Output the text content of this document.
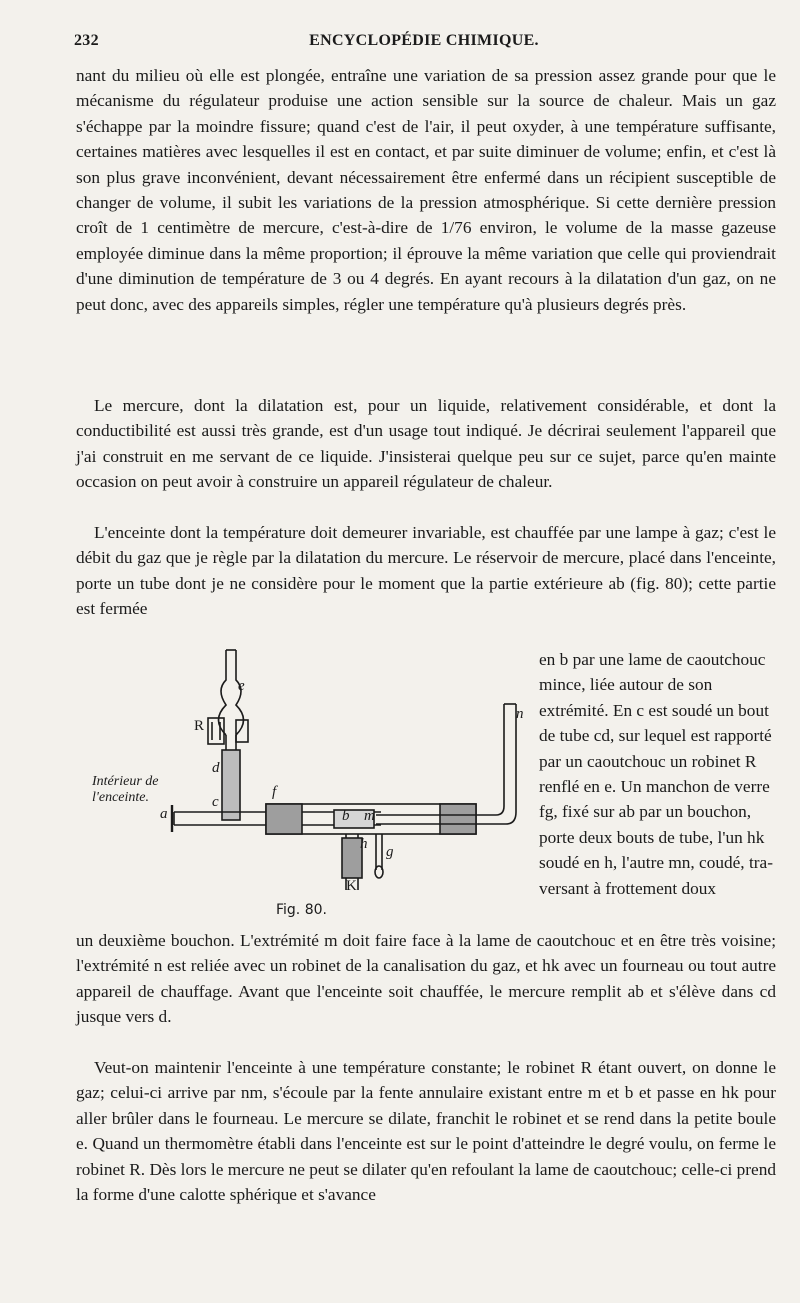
232	ENCYCLOPÉDIE CHIMIQUE.
nant du milieu où elle est plongée, entraîne une variation de sa pression assez grande pour que le mécanisme du régulateur produise une action sensible sur la source de chaleur. Mais un gaz s'échappe par la moindre fissure; quand c'est de l'air, il peut oxyder, à une température suffisante, certaines matières avec lesquelles il est en contact, et par suite diminuer de volume; enfin, et c'est là son plus grave inconvénient, devant nécessairement être enfermé dans un récipient susceptible de changer de volume, il subit les variations de la pression atmosphérique. Si cette dernière pression croît de 1 centimètre de mercure, c'est-à-dire de 1/76 environ, le volume de la masse gazeuse employée diminue dans la même proportion; il éprouve la même variation que celle qui proviendrait d'une diminution de température de 3 ou 4 degrés. En ayant recours à la dilatation d'un gaz, on ne peut donc, avec des appareils simples, régler une température qu'à plusieurs degrés près.
Le mercure, dont la dilatation est, pour un liquide, relativement considérable, et dont la conductibilité est aussi très grande, est d'un usage tout indiqué. Je décrirai seulement l'appareil que j'ai construit en me servant de ce liquide. J'insisterai quelque peu sur ce sujet, parce qu'en mainte occasion on peut avoir à construire un appareil régulateur de chaleur.
L'enceinte dont la température doit demeurer invariable, est chauffée par une lampe à gaz; c'est le débit du gaz que je règle par la dilatation du mercure. Le réservoir de mercure, placé dans l'enceinte, porte un tube dont je ne considère pour le moment que la partie extérieure ab (fig. 80); cette partie est fermée
en b par une lame de caoutchouc mince, liée autour de son extrémité. En c est soudé un bout de tube cd, sur lequel est rapporté par un caoutchouc un robinet R renflé en e. Un manchon de verre fg, fixé sur ab par un bouchon, porte deux bouts de tube, l'un hk soudé en h, l'autre mn, coudé, traversant à frottement doux
e
R
d
c
a
f
b m
h g
K
n
Intérieur de l'enceinte.
Fig. 80.
un deuxième bouchon. L'extrémité m doit faire face à la lame de caoutchouc et en être très voisine; l'extrémité n est reliée avec un robinet de la canalisation du gaz, et hk avec un fourneau ou tout autre appareil de chauffage. Avant que l'enceinte soit chauffée, le mercure remplit ab et s'élève dans cd jusque vers d.
Veut-on maintenir l'enceinte à une température constante; le robinet R étant ouvert, on donne le gaz; celui-ci arrive par nm, s'écoule par la fente annulaire existant entre m et b et passe en hk pour aller brûler dans le fourneau. Le mercure se dilate, franchit le robinet et se rend dans la petite boule e. Quand un thermomètre établi dans l'enceinte est sur le point d'atteindre le degré voulu, on ferme le robinet R. Dès lors le mercure ne peut se dilater qu'en refoulant la lame de caoutchouc; celle-ci prend la forme d'une calotte sphérique et s'avance
